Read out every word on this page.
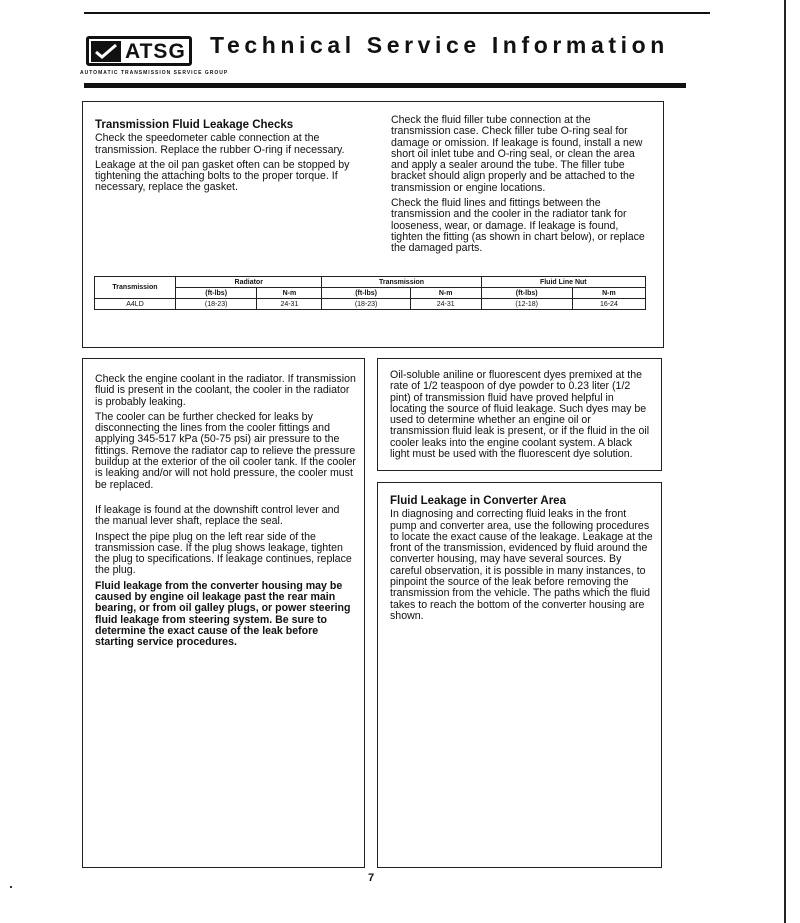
ATSG
AUTOMATIC TRANSMISSION SERVICE GROUP
Technical Service Information
Transmission Fluid Leakage Checks

Check the speedometer cable connection at the transmission. Replace the rubber O-ring if necessary.

Leakage at the oil pan gasket often can be stopped by tightening the attaching bolts to the proper torque. If necessary, replace the gasket.

Check the fluid filler tube connection at the transmission case. Check filler tube O-ring seal for damage or omission. If leakage is found, install a new short oil inlet tube and O-ring seal, or clean the area and apply a sealer around the tube. The filler tube bracket should align properly and be attached to the transmission or engine locations.

Check the fluid lines and fittings between the transmission and the cooler in the radiator tank for looseness, wear, or damage. If leakage is found, tighten the fitting (as shown in chart below), or replace the damaged parts.

Transmission	Radiator		Transmission		Fluid Line Nut	
	(ft-lbs)	N-m	(ft-lbs)	N-m	(ft-lbs)	N-m
A4LD	(18-23)	24-31	(18-23)	24-31	(12-18)	16-24

Check the engine coolant in the radiator. If transmission fluid is present in the coolant, the cooler in the radiator is probably leaking.

The cooler can be further checked for leaks by disconnecting the lines from the cooler fittings and applying 345-517 kPa (50-75 psi) air pressure to the fittings. Remove the radiator cap to relieve the pressure buildup at the exterior of the oil cooler tank. If the cooler is leaking and/or will not hold pressure, the cooler must be replaced.

If leakage is found at the downshift control lever and the manual lever shaft, replace the seal.

Inspect the pipe plug on the left rear side of the transmission case. If the plug shows leakage, tighten the plug to specifications. If leakage continues, replace the plug.

Fluid leakage from the converter housing may be caused by engine oil leakage past the rear main bearing, or from oil galley plugs, or power steering fluid leakage from steering system. Be sure to determine the exact cause of the leak before starting service procedures.

Oil-soluble aniline or fluorescent dyes premixed at the rate of 1/2 teaspoon of dye powder to 0.23 liter (1/2 pint) of transmission fluid have proved helpful in locating the source of fluid leakage. Such dyes may be used to determine whether an engine oil or transmission fluid leak is present, or if the fluid in the oil cooler leaks into the engine coolant system. A black light must be used with the fluorescent dye solution.

Fluid Leakage in Converter Area

In diagnosing and correcting fluid leaks in the front pump and converter area, use the following procedures to locate the exact cause of the leakage. Leakage at the front of the transmission, evidenced by fluid around the converter housing, may have several sources. By careful observation, it is possible in many instances, to pinpoint the source of the leak before removing the transmission from the vehicle. The paths which the fluid takes to reach the bottom of the converter housing are shown.

7
